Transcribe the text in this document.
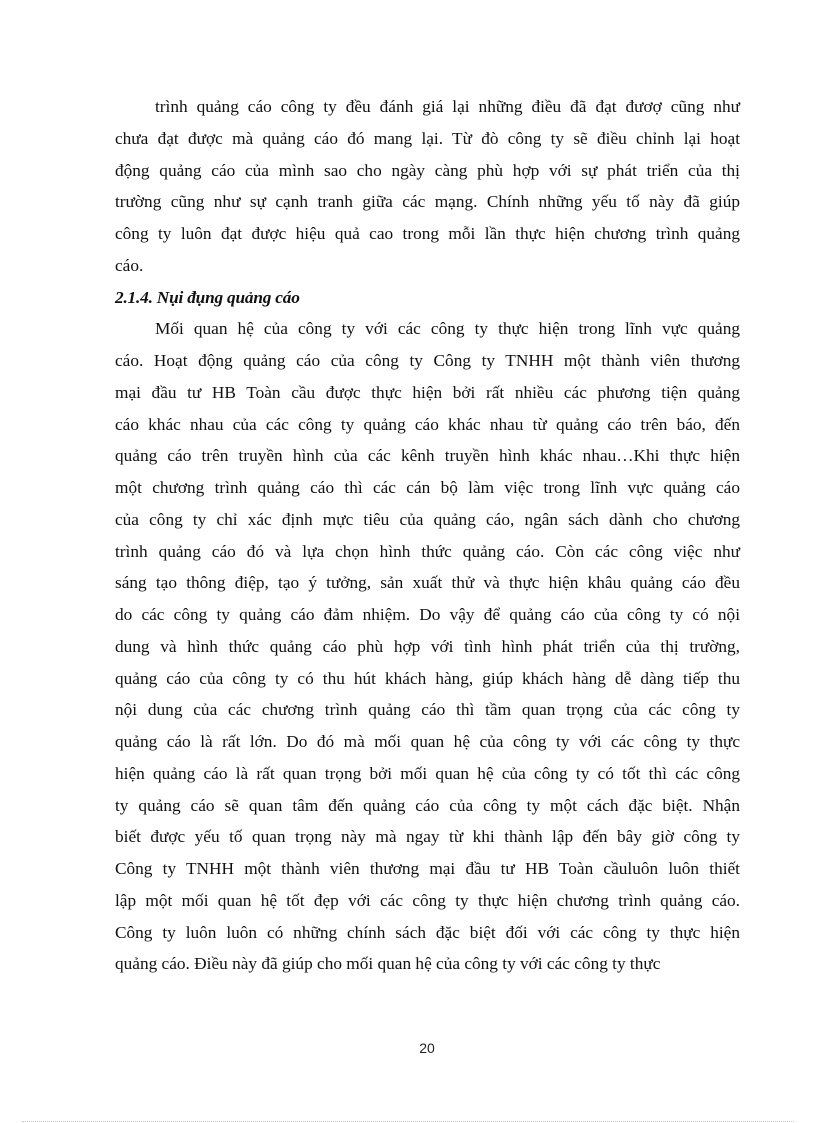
trình quảng cáo công ty đều đánh giá lại những điều đã đạt đươợ cũng như
chưa đạt được mà quảng cáo đó mang lại. Từ đò công ty sẽ điều chỉnh lại hoạt
động quảng cáo của mình sao cho ngày càng phù hợp với sự phát triển của thị
trường cũng như sự cạnh tranh giữa các mạng. Chính những yếu tố này đã giúp
công ty luôn đạt được hiệu quả cao trong mỗi lần thực hiện chương trình quảng
cáo.
2.1.4. Nụi đụng quảng cáo
Mối quan hệ của công ty với các công ty thực hiện trong lĩnh vực quảng
cáo. Hoạt động quảng cáo của công ty Công ty TNHH một thành viên thương
mại đầu tư HB Toàn cầu được thực hiện bởi rất nhiều các phương tiện quảng
cáo khác nhau của các công ty quảng cáo khác nhau từ quảng cáo trên báo, đến
quảng cáo trên truyền hình của các kênh truyền hình khác nhau…Khi thực hiện
một chương trình quảng cáo thì các cán bộ làm việc trong lĩnh vực quảng cáo
của công ty chỉ xác định mực tiêu của quảng cáo, ngân sách dành cho chương
trình quảng cáo đó và lựa chọn hình thức quảng cáo. Còn các công việc như
sáng tạo thông điệp, tạo ý tưởng, sản xuất thử và thực hiện khâu quảng cáo đều
do các công ty quảng cáo đảm nhiệm. Do vậy để quảng cáo của công ty có nội
dung và hình thức quảng cáo phù hợp với tình hình phát triển của thị trường,
quảng cáo của công ty có thu hút khách hàng, giúp khách hàng dễ dàng tiếp thu
nội dung của các chương trình quảng cáo thì tầm quan trọng của các công ty
quảng cáo là rất lớn. Do đó mà mối quan hệ của công ty với các công ty thực
hiện quảng cáo là rất quan trọng bởi mối quan hệ của công ty có tốt thì các công
ty quảng cáo sẽ quan tâm đến quảng cáo của công ty một cách đặc biệt. Nhận
biết được yếu tố quan trọng này mà ngay từ khi thành lập đến bây giờ công ty
Công ty TNHH một thành viên thương mại đầu tư HB Toàn cầuluôn luôn thiết
lập một mối quan hệ tốt đẹp với các công ty thực hiện chương trình quảng cáo.
Công ty luôn luôn có những chính sách đặc biệt đối với các công ty thực hiện
quảng cáo. Điều này đã giúp cho mối quan hệ của công ty với các công ty thực
20
